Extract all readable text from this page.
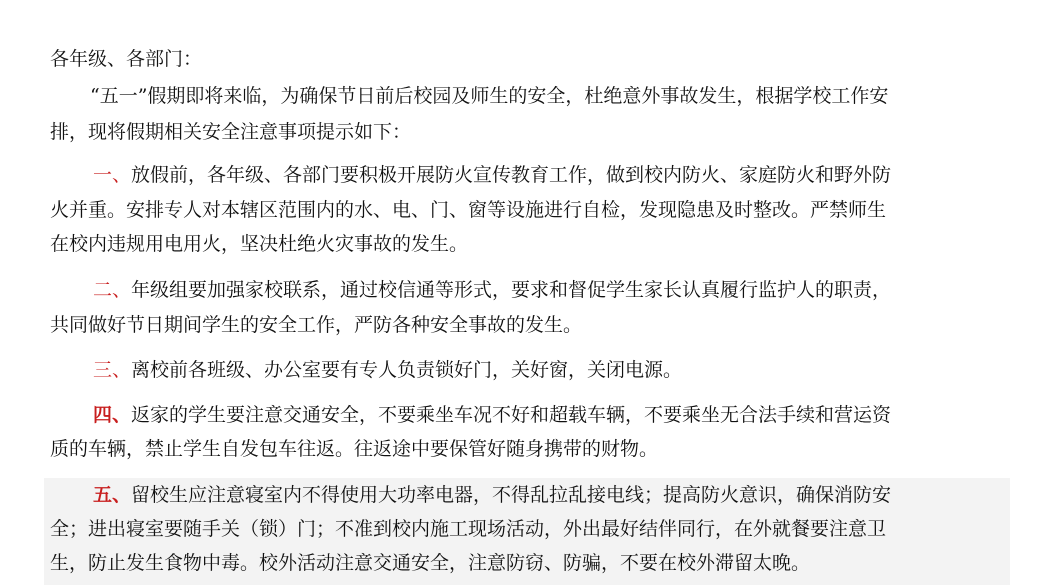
各年级、各部门：
“五一”假期即将来临，为确保节日前后校园及师生的安全，杜绝意外事故发生，根据学校工作安
排，现将假期相关安全注意事项提示如下：
一、放假前，各年级、各部门要积极开展防火宣传教育工作，做到校内防火、家庭防火和野外防
火并重。安排专人对本辖区范围内的水、电、门、窗等设施进行自检，发现隐患及时整改。严禁师生
在校内违规用电用火，坚决杜绝火灾事故的发生。
二、年级组要加强家校联系，通过校信通等形式，要求和督促学生家长认真履行监护人的职责，
共同做好节日期间学生的安全工作，严防各种安全事故的发生。
三、离校前各班级、办公室要有专人负责锁好门，关好窗，关闭电源。
四、返家的学生要注意交通安全，不要乘坐车况不好和超载车辆，不要乘坐无合法手续和营运资
质的车辆，禁止学生自发包车往返。往返途中要保管好随身携带的财物。
五、留校生应注意寝室内不得使用大功率电器，不得乱拉乱接电线；提高防火意识，确保消防安
全；进出寝室要随手关（锁）门；不准到校内施工现场活动，外出最好结伴同行，在外就餐要注意卫
生，防止发生食物中毒。校外活动注意交通安全，注意防窃、防骗，不要在校外滞留太晚。
